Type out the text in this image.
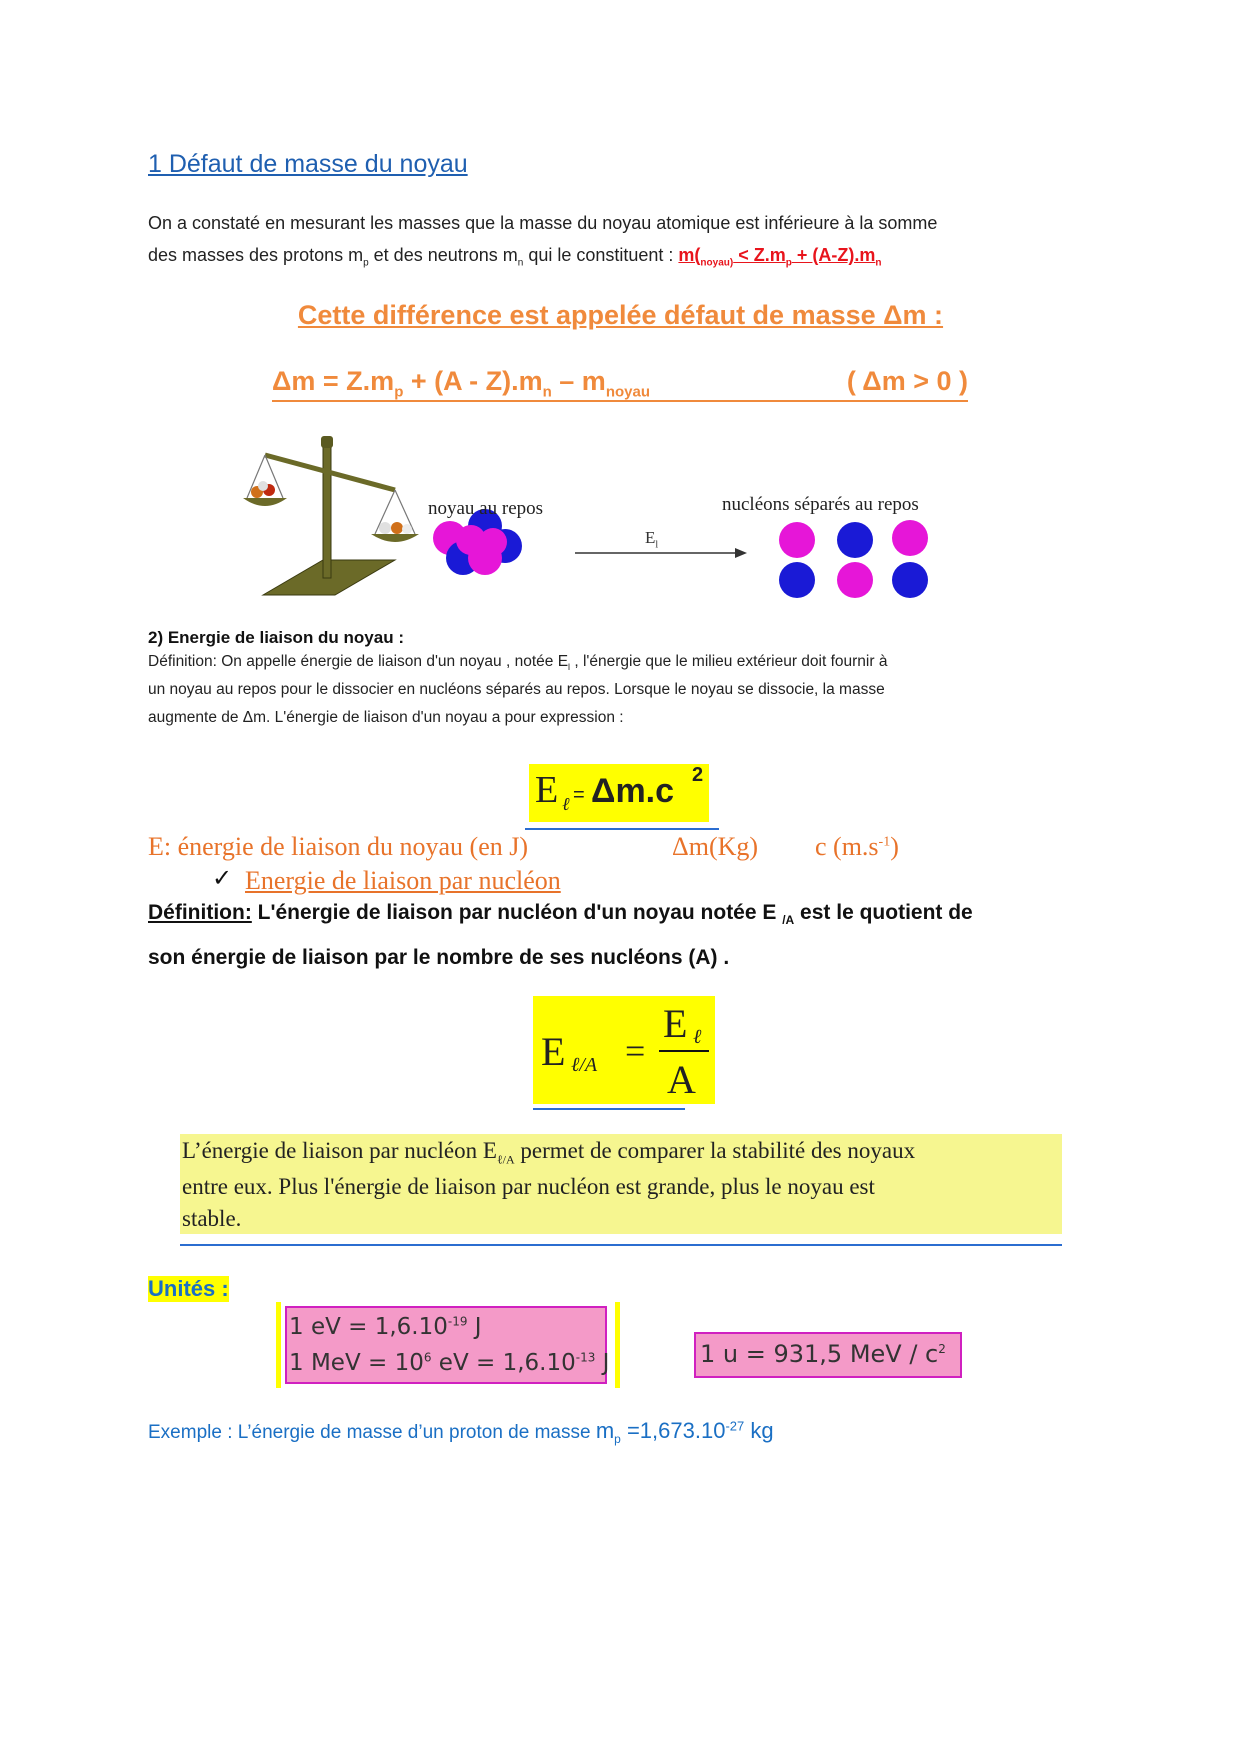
1 Défaut de masse du noyau
On a constaté en mesurant les masses que la masse du noyau atomique est inférieure à la somme
des masses des protons $m_p$ et des neutrons $m_n$ qui le constituent : $m(_{noyau)} < Z.m_p + (A-Z).m_n$
Cette différence est appelée défaut de masse Δm :
$\Delta m = Z.m_p + (A - Z).m_n - m_{noyau}$	( Δm > 0 )
noyau au repos	nucléons séparés au repos
$E_l$
2) Energie de liaison du noyau :
Définition: On appelle énergie de liaison d'un noyau , notée $E_l$ , l'énergie que le milieu extérieur doit fournir à
un noyau au repos pour le dissocier en nucléons séparés au repos. Lorsque le noyau se dissocie, la masse
augmente de Δm. L'énergie de liaison d'un noyau a pour expression :
E ℓ = Δm.c 2
E: énergie de liaison du noyau (en J)	Δm(Kg) c $(m.s^{-1})$
✓ Energie de liaison par nucléon
Définition: L'énergie de liaison par nucléon d'un noyau notée E $_{/A}$ est le quotient de
son énergie de liaison par le nombre de ses nucléons (A) .
E ℓ/A =
E ℓ
A
L’énergie de liaison par nucléon $E_{\ell/A}$ permet de comparer la stabilité des noyaux
entre eux. Plus l'énergie de liaison par nucléon est grande, plus le noyau est
stable.
Unités :
1 eV = $1,6.10^{-19}$ J
1 MeV = $10^6$ eV = $1,6.10^{-13}$ J	1 u = 931,5 MeV / $c^2$
Exemple : L’énergie de masse d’un proton de masse $m_p =1,673.10^{-27}$ kg
